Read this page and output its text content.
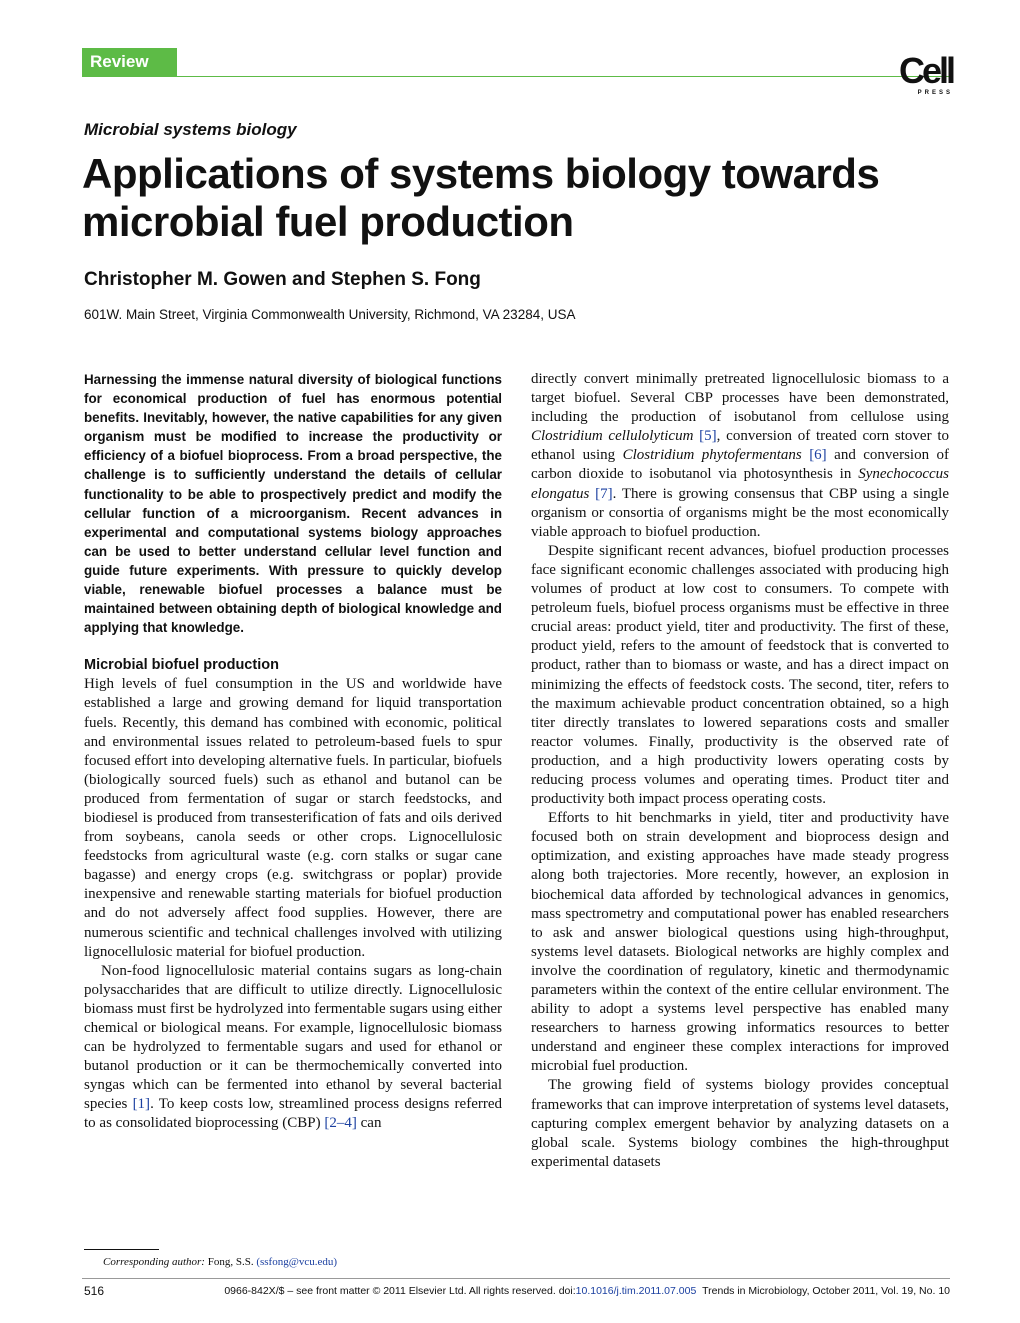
Review	Cell
PRESS
Microbial systems biology
Applications of systems biology towards microbial fuel production
Christopher M. Gowen and Stephen S. Fong
601W. Main Street, Virginia Commonwealth University, Richmond, VA 23284, USA

Harnessing the immense natural diversity of biological functions for economical production of fuel has enormous potential benefits. Inevitably, however, the native capabilities for any given organism must be modified to increase the productivity or efficiency of a biofuel bioprocess. From a broad perspective, the challenge is to sufficiently understand the details of cellular functionality to be able to prospectively predict and modify the cellular function of a microorganism. Recent advances in experimental and computational systems biology approaches can be used to better understand cellular level function and guide future experiments. With pressure to quickly develop viable, renewable biofuel processes a balance must be maintained between obtaining depth of biological knowledge and applying that knowledge.

Microbial biofuel production

High levels of fuel consumption in the US and worldwide have established a large and growing demand for liquid transportation fuels. Recently, this demand has combined with economic, political and environmental issues related to petroleum-based fuels to spur focused effort into developing alternative fuels. In particular, biofuels (biologically sourced fuels) such as ethanol and butanol can be produced from fermentation of sugar or starch feedstocks, and biodiesel is produced from transesterification of fats and oils derived from soybeans, canola seeds or other crops. Lignocellulosic feedstocks from agricultural waste (e.g. corn stalks or sugar cane bagasse) and energy crops (e.g. switchgrass or poplar) provide inexpensive and renewable starting materials for biofuel production and do not adversely affect food supplies. However, there are numerous scientific and technical challenges involved with utilizing lignocellulosic material for biofuel production.

Non-food lignocellulosic material contains sugars as long-chain polysaccharides that are difficult to utilize directly. Lignocellulosic biomass must first be hydrolyzed into fermentable sugars using either chemical or biological means. For example, lignocellulosic biomass can be hydrolyzed to fermentable sugars and used for ethanol or butanol production or it can be thermochemically converted into syngas which can be fermented into ethanol by several bacterial species [1]. To keep costs low, streamlined process designs referred to as consolidated bioprocessing (CBP) [2–4] can

directly convert minimally pretreated lignocellulosic biomass to a target biofuel. Several CBP processes have been demonstrated, including the production of isobutanol from cellulose using Clostridium cellulolyticum [5], conversion of treated corn stover to ethanol using Clostridium phytofermentans [6] and conversion of carbon dioxide to isobutanol via photosynthesis in Synechococcus elongatus [7]. There is growing consensus that CBP using a single organism or consortia of organisms might be the most economically viable approach to biofuel production.

Despite significant recent advances, biofuel production processes face significant economic challenges associated with producing high volumes of product at low cost to consumers. To compete with petroleum fuels, biofuel process organisms must be effective in three crucial areas: product yield, titer and productivity. The first of these, product yield, refers to the amount of feedstock that is converted to product, rather than to biomass or waste, and has a direct impact on minimizing the effects of feedstock costs. The second, titer, refers to the maximum achievable product concentration obtained, so a high titer directly translates to lowered separations costs and smaller reactor volumes. Finally, productivity is the observed rate of production, and a high productivity lowers operating costs by reducing process volumes and operating times. Product titer and productivity both impact process operating costs.

Efforts to hit benchmarks in yield, titer and productivity have focused both on strain development and bioprocess design and optimization, and existing approaches have made steady progress along both trajectories. More recently, however, an explosion in biochemical data afforded by technological advances in genomics, mass spectrometry and computational power has enabled researchers to ask and answer biological questions using high-throughput, systems level datasets. Biological networks are highly complex and involve the coordination of regulatory, kinetic and thermodynamic parameters within the context of the entire cellular environment. The ability to adopt a systems level perspective has enabled many researchers to harness growing informatics resources to better understand and engineer these complex interactions for improved microbial fuel production.

The growing field of systems biology provides conceptual frameworks that can improve interpretation of systems level datasets, capturing complex emergent behavior by analyzing datasets on a global scale. Systems biology combines the high-throughput experimental datasets

Corresponding author: Fong, S.S. (ssfong@vcu.edu)
516	0966-842X/$ – see front matter © 2011 Elsevier Ltd. All rights reserved. doi:10.1016/j.tim.2011.07.005 Trends in Microbiology, October 2011, Vol. 19, No. 10
